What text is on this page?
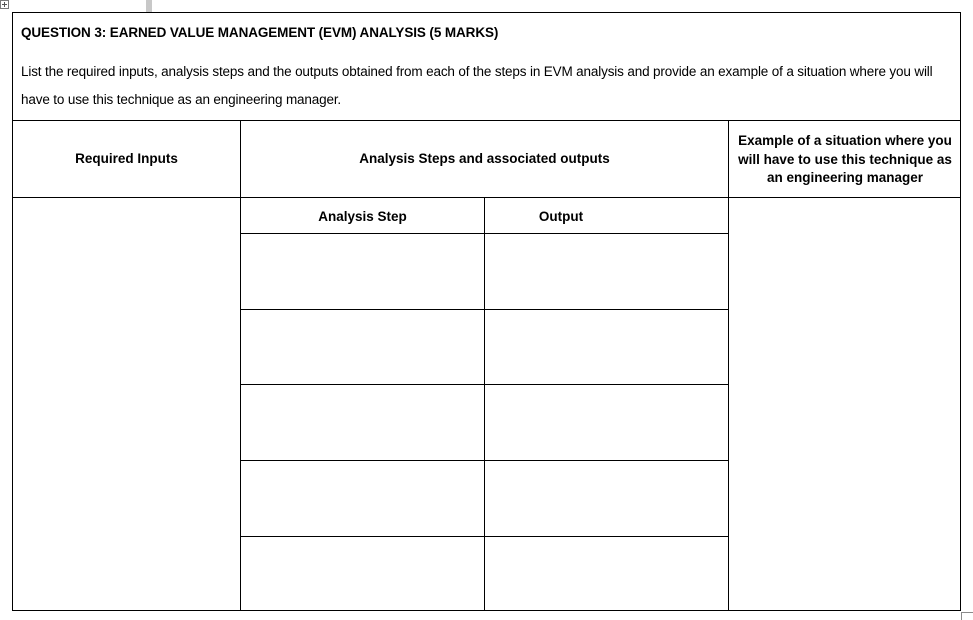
QUESTION 3: EARNED VALUE MANAGEMENT (EVM) ANALYSIS (5 MARKS)
List the required inputs, analysis steps and the outputs obtained from each of the steps in EVM analysis and provide an example of a situation where you will have to use this technique as an engineering manager.
Required Inputs	Analysis Steps and associated outputs
Example of a situation where you will have to use this technique as an engineering manager
Analysis Step	Output
